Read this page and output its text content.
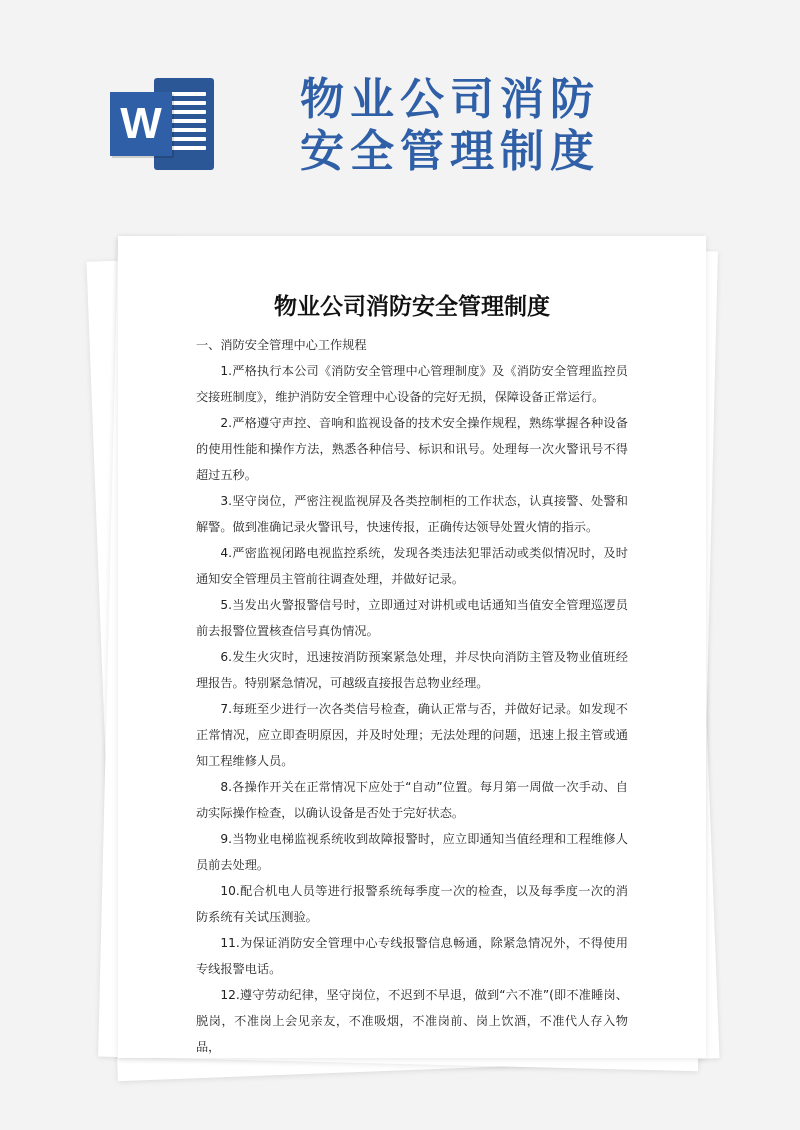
W	物业公司消防
安全管理制度
物业公司消防安全管理制度

一、消防安全管理中心工作规程

1.严格执行本公司《消防安全管理中心管理制度》及《消防安全管理监控员交接班制度》，维护消防安全管理中心设备的完好无损，保障设备正常运行。

2.严格遵守声控、音响和监视设备的技术安全操作规程，熟练掌握各种设备的使用性能和操作方法，熟悉各种信号、标识和讯号。处理每一次火警讯号不得超过五秒。

3.坚守岗位，严密注视监视屏及各类控制柜的工作状态，认真接警、处警和解警。做到准确记录火警讯号，快速传报，正确传达领导处置火情的指示。

4.严密监视闭路电视监控系统，发现各类违法犯罪活动或类似情况时，及时通知安全管理员主管前往调查处理，并做好记录。

5.当发出火警报警信号时，立即通过对讲机或电话通知当值安全管理巡逻员前去报警位置核查信号真伪情况。

6.发生火灾时，迅速按消防预案紧急处理，并尽快向消防主管及物业值班经理报告。特别紧急情况，可越级直接报告总物业经理。

7.每班至少进行一次各类信号检查，确认正常与否，并做好记录。如发现不正常情况，应立即查明原因，并及时处理；无法处理的问题，迅速上报主管或通知工程维修人员。

8.各操作开关在正常情况下应处于“自动”位置。每月第一周做一次手动、自动实际操作检查，以确认设备是否处于完好状态。

9.当物业电梯监视系统收到故障报警时，应立即通知当值经理和工程维修人员前去处理。

10.配合机电人员等进行报警系统每季度一次的检查，以及每季度一次的消防系统有关试压测验。

11.为保证消防安全管理中心专线报警信息畅通，除紧急情况外，不得使用专线报警电话。

12.遵守劳动纪律，坚守岗位，不迟到不早退，做到“六不准”(即不准睡岗、脱岗，不准岗上会见亲友，不准吸烟，不准岗前、岗上饮酒，不准代人存入物品，
